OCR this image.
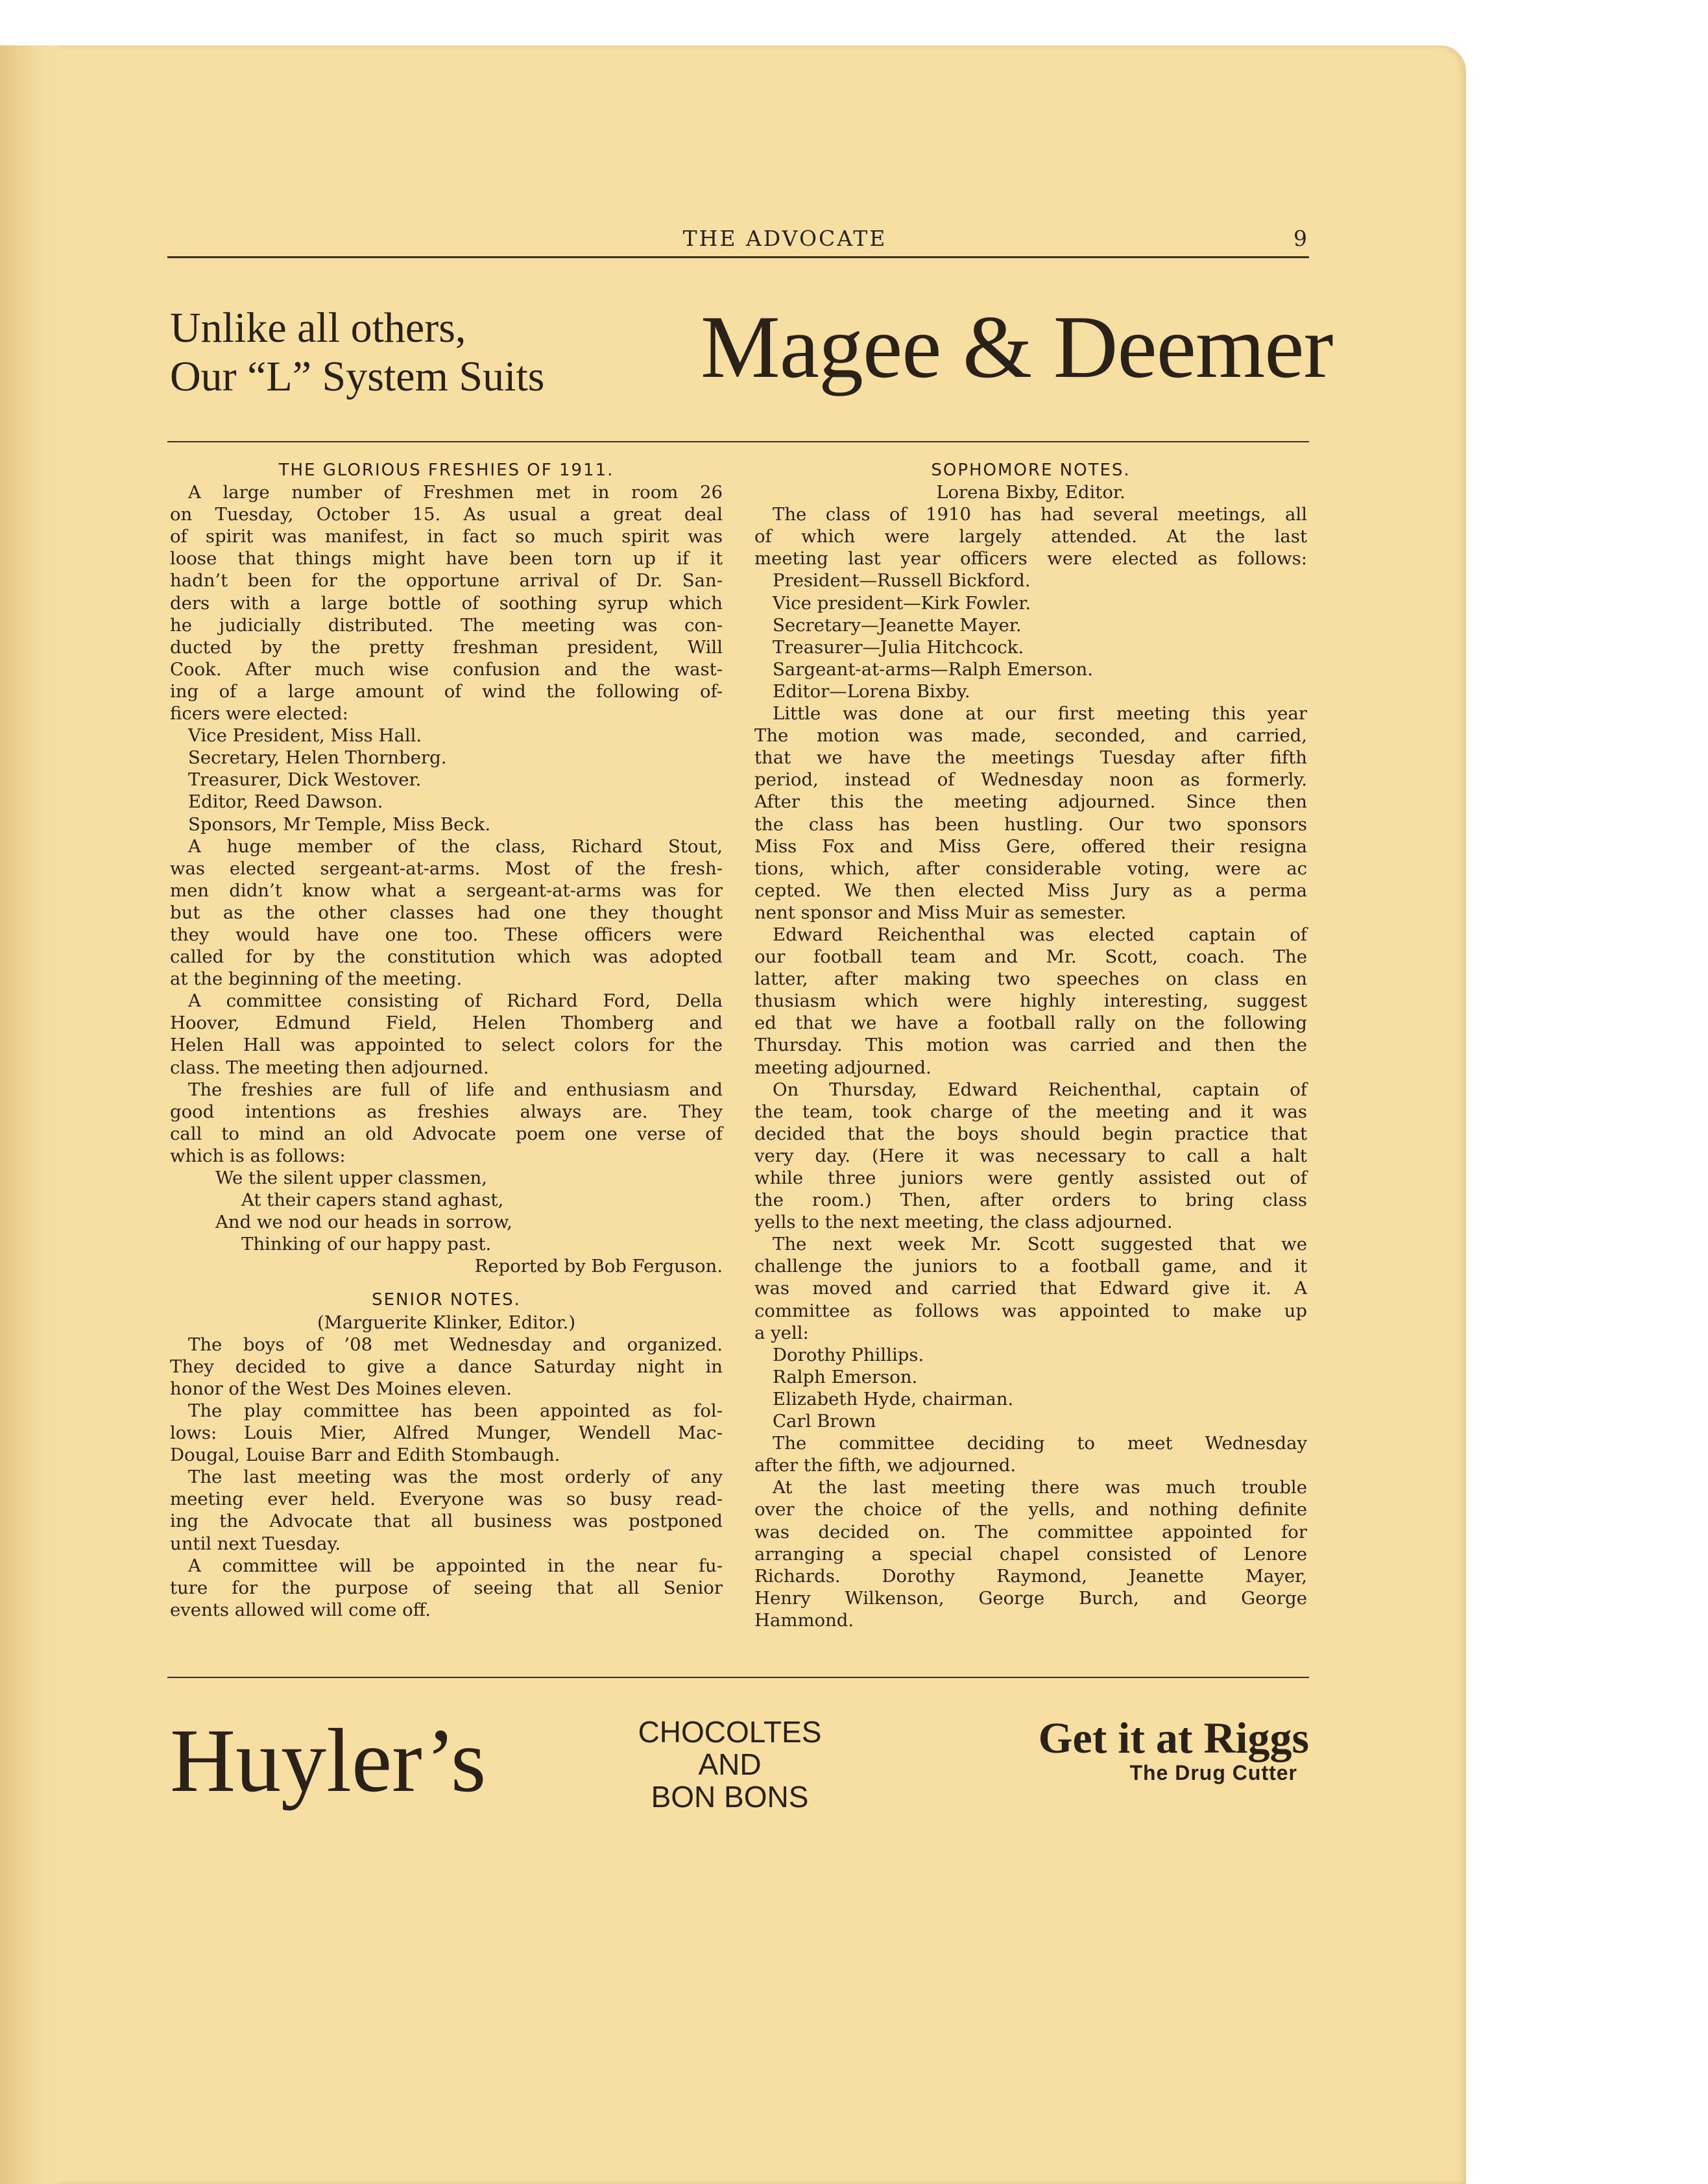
THE ADVOCATE	9
Unlike all others,
Our “L” System Suits Magee & Deemer
THE GLORIOUS FRESHIES OF 1911.
A large number of Freshmen met in room 26
on Tuesday, October 15. As usual a great deal
of spirit was manifest, in fact so much spirit was
loose that things might have been torn up if it
hadn’t been for the opportune arrival of Dr. San-
ders with a large bottle of soothing syrup which
he judicially distributed. The meeting was con-
ducted by the pretty freshman president, Will
Cook. After much wise confusion and the wast-
ing of a large amount of wind the following of-
ficers were elected:
Vice President, Miss Hall.
Secretary, Helen Thornberg.
Treasurer, Dick Westover.
Editor, Reed Dawson.
Sponsors, Mr Temple, Miss Beck.
A huge member of the class, Richard Stout,
was elected sergeant-at-arms. Most of the fresh-
men didn’t know what a sergeant-at-arms was for
but as the other classes had one they thought
they would have one too. These officers were
called for by the constitution which was adopted
at the beginning of the meeting.
A committee consisting of Richard Ford, Della
Hoover, Edmund Field, Helen Thomberg and
Helen Hall was appointed to select colors for the
class. The meeting then adjourned.
The freshies are full of life and enthusiasm and
good intentions as freshies always are. They
call to mind an old Advocate poem one verse of
which is as follows:
We the silent upper classmen,
At their capers stand aghast,
And we nod our heads in sorrow,
Thinking of our happy past.
Reported by Bob Ferguson.
SENIOR NOTES.
(Marguerite Klinker, Editor.)
The boys of ’08 met Wednesday and organized.
They decided to give a dance Saturday night in
honor of the West Des Moines eleven.
The play committee has been appointed as fol-
lows: Louis Mier, Alfred Munger, Wendell Mac-
Dougal, Louise Barr and Edith Stombaugh.
The last meeting was the most orderly of any
meeting ever held. Everyone was so busy read-
ing the Advocate that all business was postponed
until next Tuesday.
A committee will be appointed in the near fu-
ture for the purpose of seeing that all Senior
events allowed will come off.
SOPHOMORE NOTES.
Lorena Bixby, Editor.
The class of 1910 has had several meetings, all
of which were largely attended. At the last
meeting last year officers were elected as follows:
President—Russell Bickford.
Vice president—Kirk Fowler.
Secretary—Jeanette Mayer.
Treasurer—Julia Hitchcock.
Sargeant-at-arms—Ralph Emerson.
Editor—Lorena Bixby.
Little was done at our first meeting this year
The motion was made, seconded, and carried,
that we have the meetings Tuesday after fifth
period, instead of Wednesday noon as formerly.
After this the meeting adjourned. Since then
the class has been hustling. Our two sponsors
Miss Fox and Miss Gere, offered their resigna
tions, which, after considerable voting, were ac
cepted. We then elected Miss Jury as a perma
nent sponsor and Miss Muir as semester.
Edward Reichenthal was elected captain of
our football team and Mr. Scott, coach. The
latter, after making two speeches on class en
thusiasm which were highly interesting, suggest
ed that we have a football rally on the following
Thursday. This motion was carried and then the
meeting adjourned.
On Thursday, Edward Reichenthal, captain of
the team, took charge of the meeting and it was
decided that the boys should begin practice that
very day. (Here it was necessary to call a halt
while three juniors were gently assisted out of
the room.) Then, after orders to bring class
yells to the next meeting, the class adjourned.
The next week Mr. Scott suggested that we
challenge the juniors to a football game, and it
was moved and carried that Edward give it. A
committee as follows was appointed to make up
a yell:
Dorothy Phillips.
Ralph Emerson.
Elizabeth Hyde, chairman.
Carl Brown
The committee deciding to meet Wednesday
after the fifth, we adjourned.
At the last meeting there was much trouble
over the choice of the yells, and nothing definite
was decided on. The committee appointed for
arranging a special chapel consisted of Lenore
Richards. Dorothy Raymond, Jeanette Mayer,
Henry Wilkenson, George Burch, and George
Hammond.
Huyler’s	CHOCOLTES
AND
BON BONS
Get it at Riggs
The Drug Cutter
